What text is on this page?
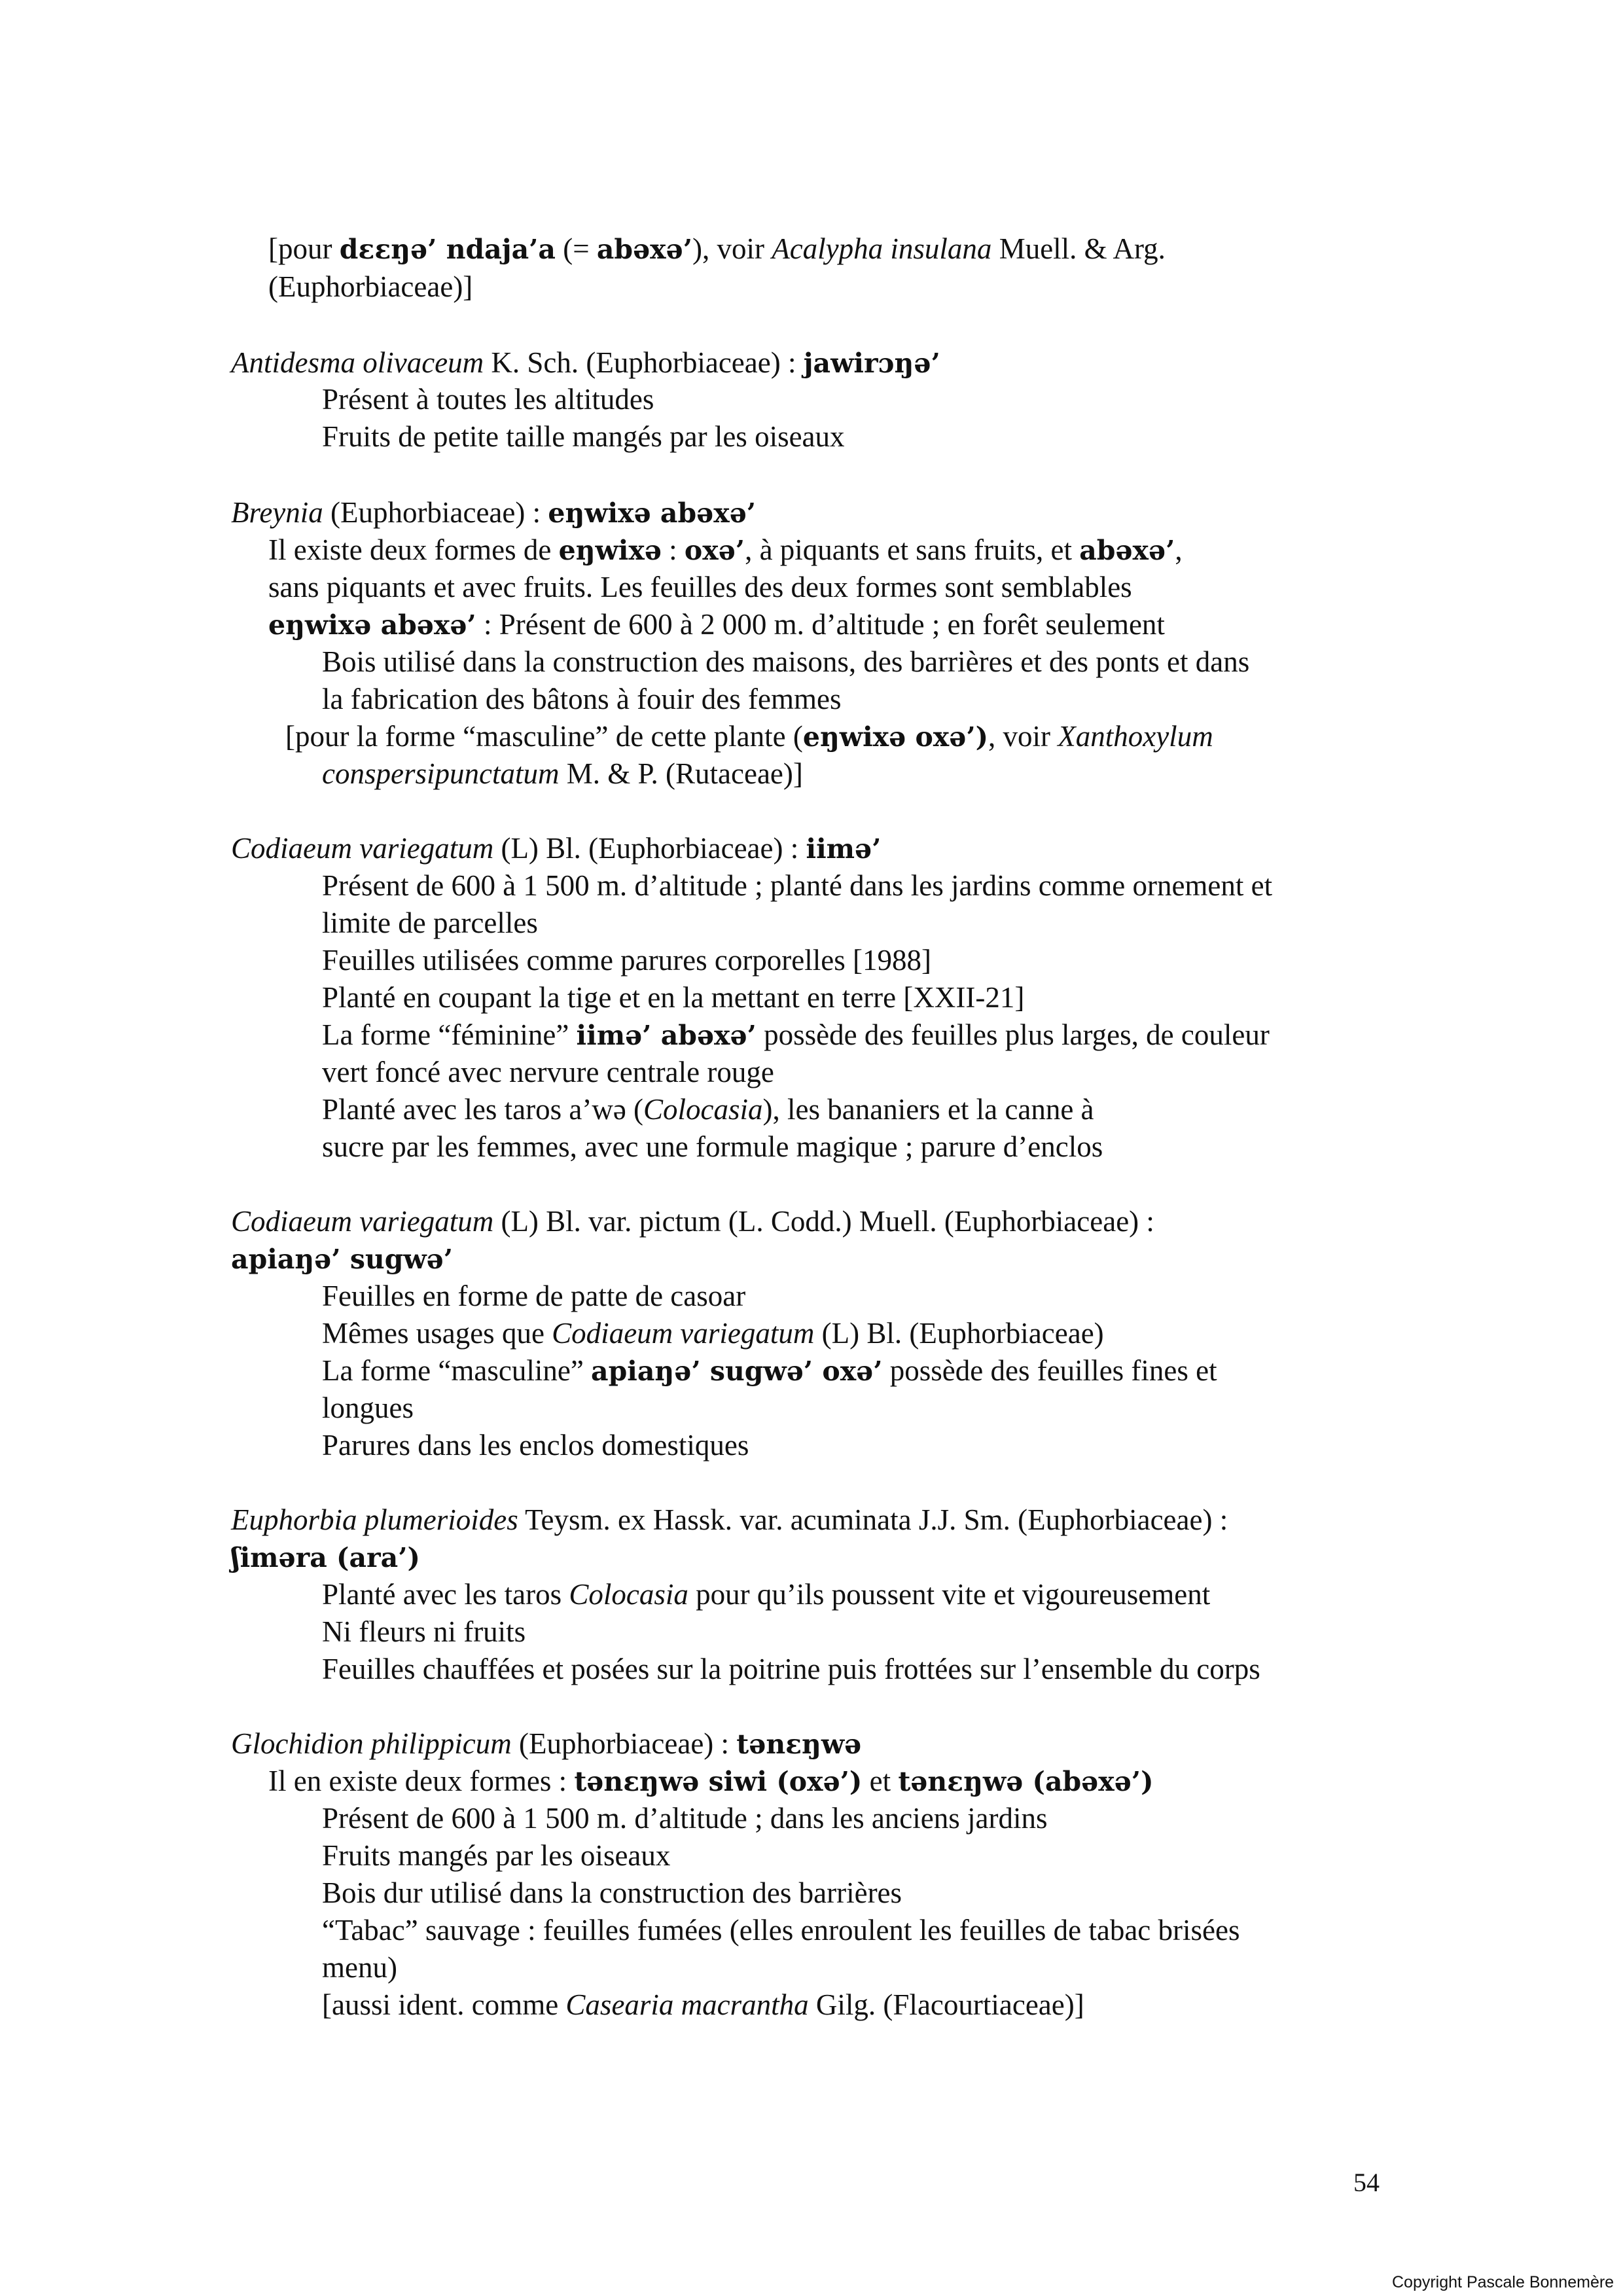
[pour dɛɛŋə’ ndaja’a (= abəxə’), voir Acalypha insulana Muell. & Arg.
(Euphorbiaceae)]
Antidesma olivaceum K. Sch. (Euphorbiaceae) : jawirɔŋə’
Présent à toutes les altitudes
Fruits de petite taille mangés par les oiseaux
Breynia (Euphorbiaceae) : eŋwixə abəxə’
Il existe deux formes de eŋwixə : oxə’, à piquants et sans fruits, et abəxə’,
sans piquants et avec fruits. Les feuilles des deux formes sont semblables
eŋwixə abəxə’ : Présent de 600 à 2 000 m. d’altitude ; en forêt seulement
Bois utilisé dans la construction des maisons, des barrières et des ponts et dans
la fabrication des bâtons à fouir des femmes
[pour la forme “masculine” de cette plante (eŋwixə oxə’), voir Xanthoxylum
conspersipunctatum M. & P. (Rutaceae)]
Codiaeum variegatum (L) Bl. (Euphorbiaceae) : iimə’
Présent de 600 à 1 500 m. d’altitude ; planté dans les jardins comme ornement et
limite de parcelles
Feuilles utilisées comme parures corporelles [1988]
Planté en coupant la tige et en la mettant en terre [XXII-21]
La forme “féminine” iimə’ abəxə’ possède des feuilles plus larges, de couleur
vert foncé avec nervure centrale rouge
Planté avec les taros a’wə (Colocasia), les bananiers et la canne à
sucre par les femmes, avec une formule magique ; parure d’enclos
Codiaeum variegatum (L) Bl. var. pictum (L. Codd.) Muell. (Euphorbiaceae) :
apiaŋə’ sugwə’
Feuilles en forme de patte de casoar
Mêmes usages que Codiaeum variegatum (L) Bl. (Euphorbiaceae)
La forme “masculine” apiaŋə’ sugwə’ oxə’ possède des feuilles fines et
longues
Parures dans les enclos domestiques
Euphorbia plumerioides Teysm. ex Hassk. var. acuminata J.J. Sm. (Euphorbiaceae) :
ʃiməra (ara’)
Planté avec les taros Colocasia pour qu’ils poussent vite et vigoureusement
Ni fleurs ni fruits
Feuilles chauffées et posées sur la poitrine puis frottées sur l’ensemble du corps
Glochidion philippicum (Euphorbiaceae) : tənɛŋwə
Il en existe deux formes : tənɛŋwə siwi (oxə’) et tənɛŋwə (abəxə’)
Présent de 600 à 1 500 m. d’altitude ; dans les anciens jardins
Fruits mangés par les oiseaux
Bois dur utilisé dans la construction des barrières
“Tabac” sauvage : feuilles fumées (elles enroulent les feuilles de tabac brisées
menu)
[aussi ident. comme Casearia macrantha Gilg. (Flacourtiaceae)]
54
Copyright Pascale Bonnemère
